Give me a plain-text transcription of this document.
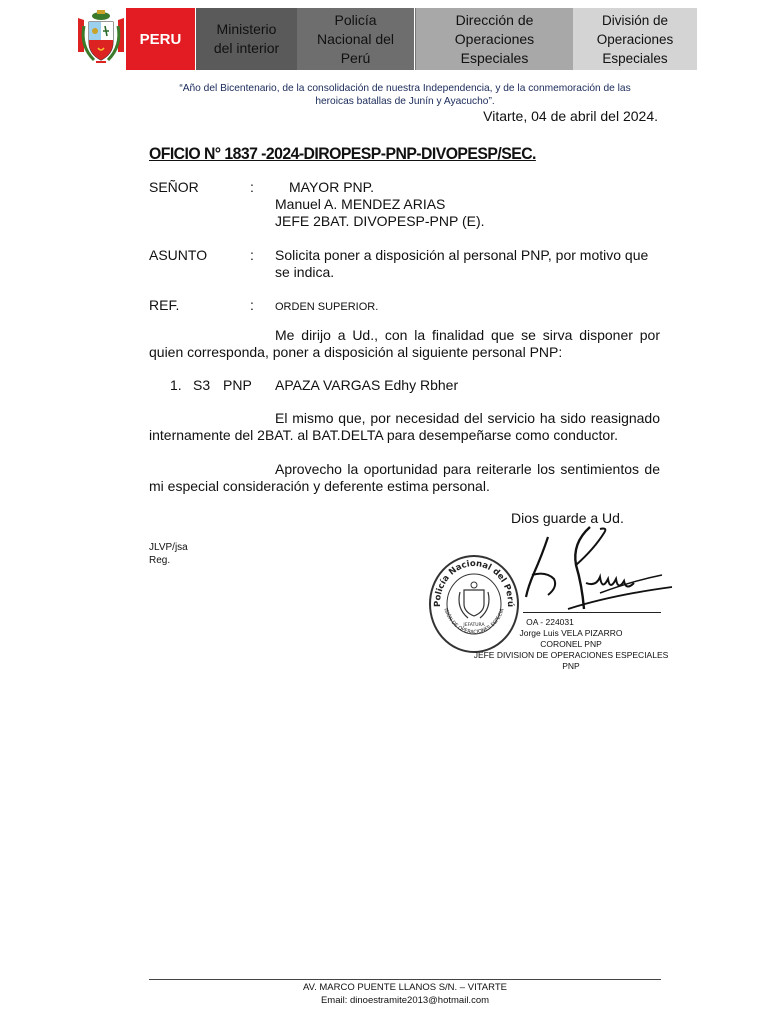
PERU
Ministerio del interior
Policía Nacional del Perú
Dirección de Operaciones Especiales
División de Operaciones Especiales
“Año del Bicentenario, de la consolidación de nuestra Independencia, y de la conmemoración de las
heroicas batallas de Junín y Ayacucho”.
Vitarte, 04 de abril del 2024.
OFICIO N° 1837 -2024-DIROPESP-PNP-DIVOPESP/SEC.
SEÑOR	:	MAYOR PNP.
Manuel A. MENDEZ ARIAS
JEFE 2BAT. DIVOPESP-PNP (E).
ASUNTO	: Solicita poner a disposición al personal PNP, por motivo que se indica.
REF.	: ORDEN SUPERIOR.
Me dirijo a Ud., con la finalidad que se sirva disponer por quien corresponda, poner a disposición al siguiente personal PNP:
1. S3 PNP APAZA VARGAS Edhy Rbher
El mismo que, por necesidad del servicio ha sido reasignado internamente del 2BAT. al BAT.DELTA para desempeñarse como conductor.
Aprovecho la oportunidad para reiterarle los sentimientos de mi especial consideración y deferente estima personal.
Dios guarde a Ud.
JLVP/jsa
Reg.
Policía Nacional del Perú
ISIÓN DE OPERACIONES ESPECIA
JEFATURA	OA - 224031
Jorge Luis VELA PIZARRO
CORONEL PNP
JEFE DIVISION DE OPERACIONES ESPECIALES PNP
AV. MARCO PUENTE LLANOS S/N. – VITARTE
Email: dinoestramite2013@hotmail.com
